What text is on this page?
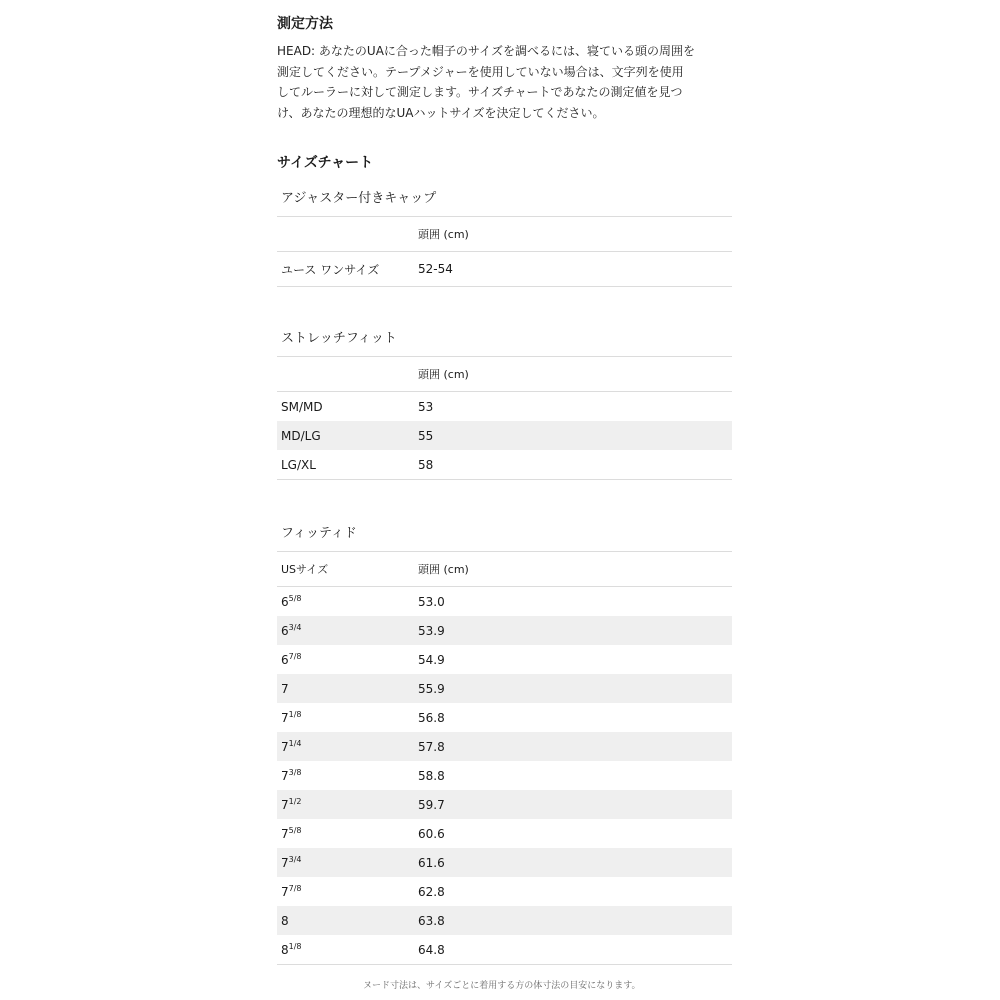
測定方法
HEAD: あなたのUAに合った帽子のサイズを調べるには、寝ている頭の周囲を
測定してください。テープメジャーを使用していない場合は、文字列を使用
してルーラーに対して測定します。サイズチャートであなたの測定値を見つ
け、あなたの理想的なUAハットサイズを決定してください。
サイズチャート
アジャスター付きキャップ
	頭囲 (cm)
ユース ワンサイズ	52-54
ストレッチフィット
	頭囲 (cm)
SM/MD	53
MD/LG	55
LG/XL	58
フィッティド
USサイズ	頭囲 (cm)
$6^{5/8}$	53.0
$6^{3/4}$	53.9
$6^{7/8}$	54.9
7	55.9
$7^{1/8}$	56.8
$7^{1/4}$	57.8
$7^{3/8}$	58.8
$7^{1/2}$	59.7
$7^{5/8}$	60.6
$7^{3/4}$	61.6
$7^{7/8}$	62.8
8	63.8
$8^{1/8}$	64.8
ヌード寸法は、サイズごとに着用する方の体寸法の目安になります。
